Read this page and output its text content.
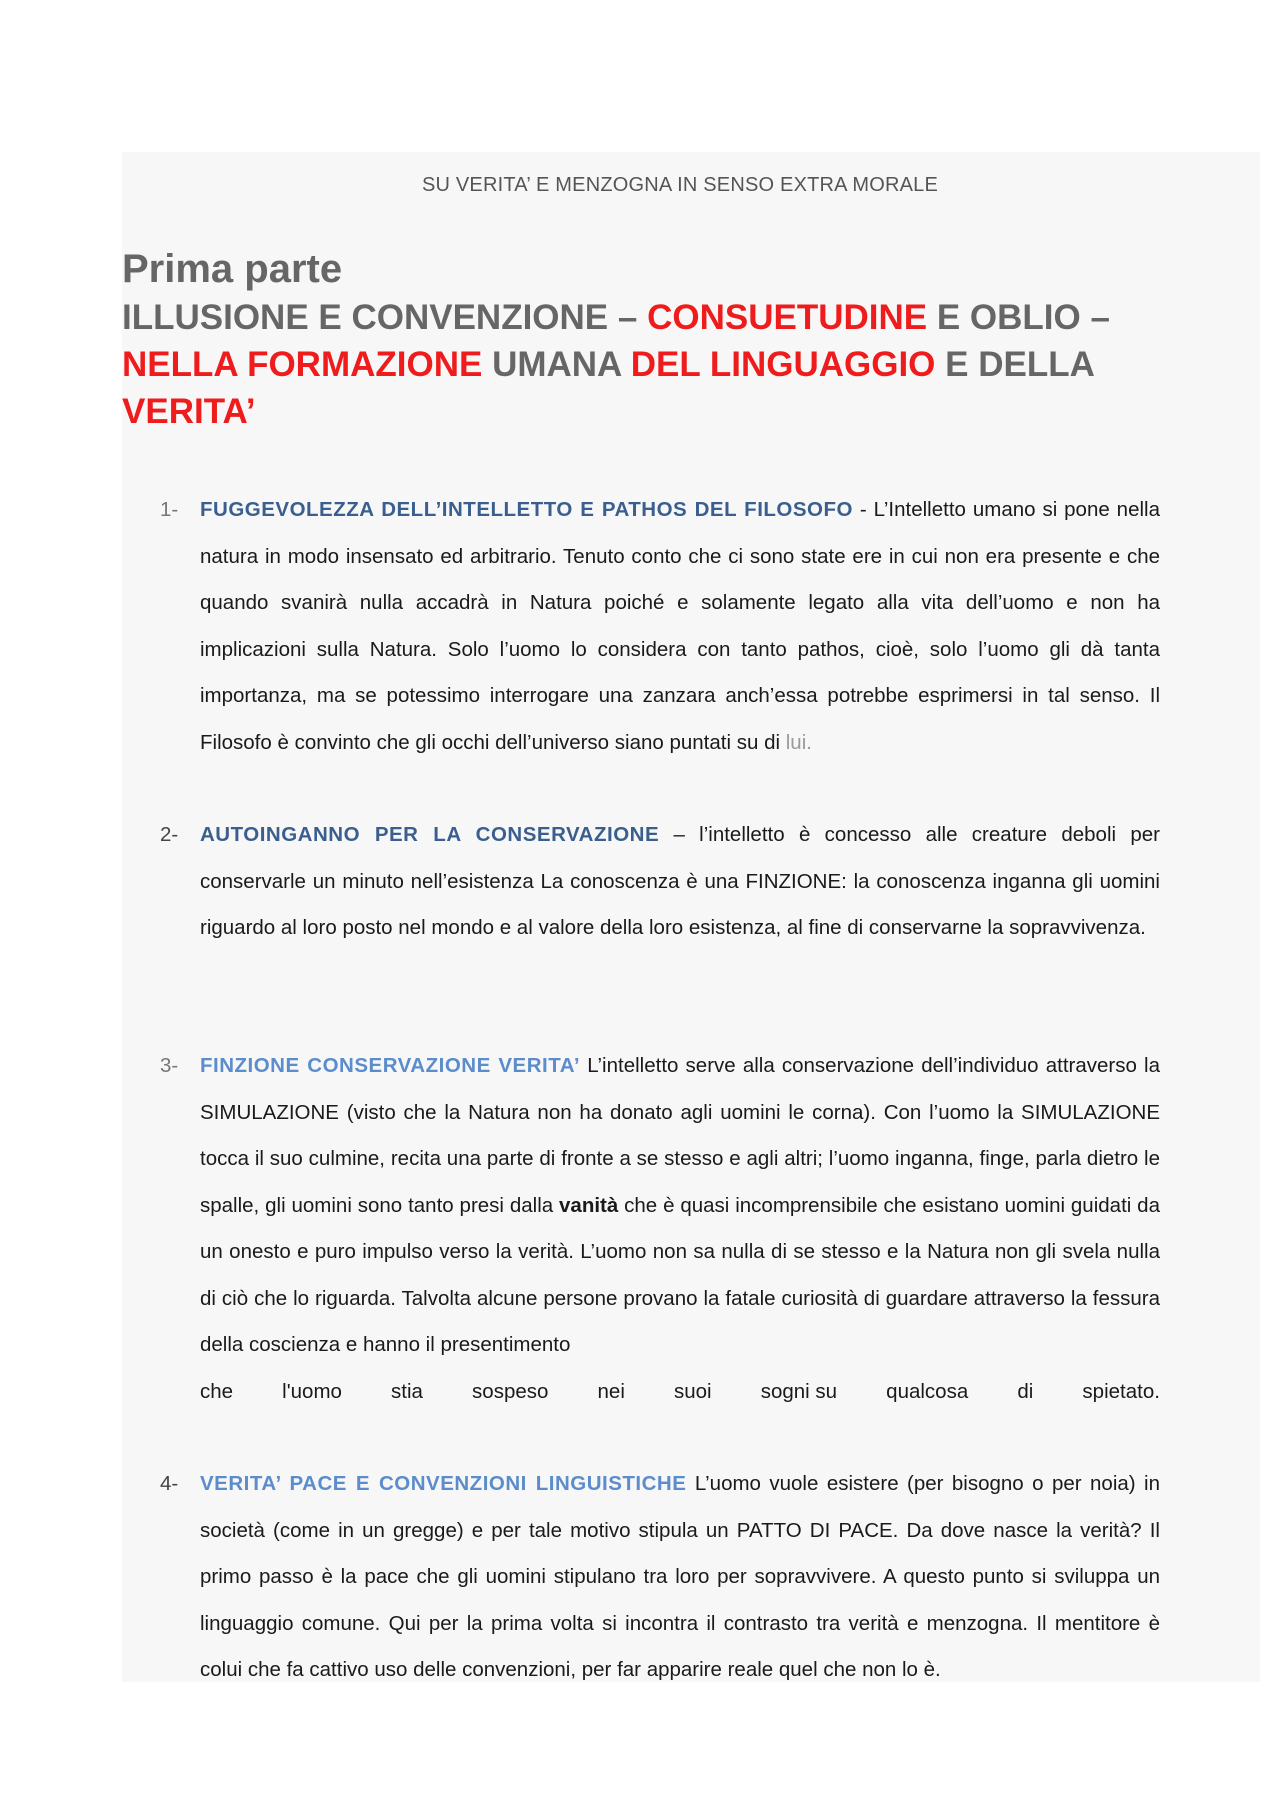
SU VERITA’ E MENZOGNA IN SENSO EXTRA MORALE
Prima parte
ILLUSIONE E CONVENZIONE – CONSUETUDINE E OBLIO –
NELLA FORMAZIONE UMANA DEL LINGUAGGIO E DELLA
VERITA’
1- FUGGEVOLEZZA DELL’INTELLETTO E PATHOS DEL FILOSOFO - L’Intelletto umano si pone nella natura in modo insensato ed arbitrario. Tenuto conto che ci sono state ere in cui non era presente e che quando svanirà nulla accadrà in Natura poiché e solamente legato alla vita dell’uomo e non ha implicazioni sulla Natura. Solo l’uomo lo considera con tanto pathos, cioè, solo l’uomo gli dà tanta importanza, ma se potessimo interrogare una zanzara anch’essa potrebbe esprimersi in tal senso. Il Filosofo è convinto che gli occhi dell’universo siano puntati su di lui.
2- AUTOINGANNO PER LA CONSERVAZIONE – l’intelletto è concesso alle creature deboli per conservarle un minuto nell’esistenza La conoscenza è una FINZIONE: la conoscenza inganna gli uomini riguardo al loro posto nel mondo e al valore della loro esistenza, al fine di conservarne la sopravvivenza.
3- FINZIONE CONSERVAZIONE VERITA’ L’intelletto serve alla conservazione dell’individuo attraverso la SIMULAZIONE (visto che la Natura non ha donato agli uomini le corna). Con l’uomo la SIMULAZIONE tocca il suo culmine, recita una parte di fronte a se stesso e agli altri; l’uomo inganna, finge, parla dietro le spalle, gli uomini sono tanto presi dalla vanità che è quasi incomprensibile che esistano uomini guidati da un onesto e puro impulso verso la verità. L’uomo non sa nulla di se stesso e la Natura non gli svela nulla di ciò che lo riguarda. Talvolta alcune persone provano la fatale curiosità di guardare attraverso la fessura della coscienza e hanno il presentimento
che l'uomo stia sospeso nei suoi sogni su qualcosa di spietato.
4- VERITA’ PACE E CONVENZIONI LINGUISTICHE L’uomo vuole esistere (per bisogno o per noia) in società (come in un gregge) e per tale motivo stipula un PATTO DI PACE. Da dove nasce la verità? Il primo passo è la pace che gli uomini stipulano tra loro per sopravvivere. A questo punto si sviluppa un linguaggio comune. Qui per la prima volta si incontra il contrasto tra verità e menzogna. Il mentitore è colui che fa cattivo uso delle convenzioni, per far apparire reale quel che non lo è.
